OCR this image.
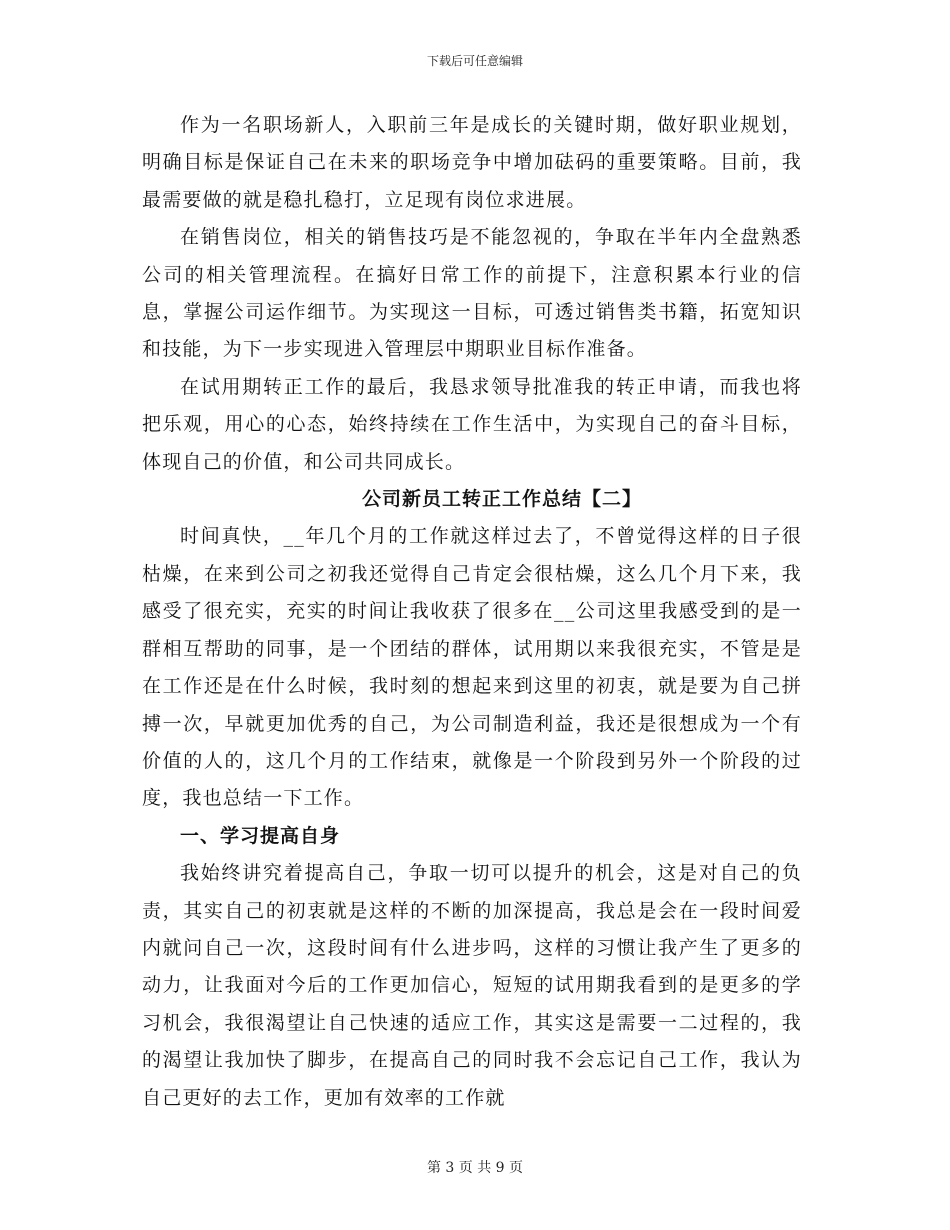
下载后可任意编辑

作为一名职场新人，入职前三年是成长的关键时期，做好职业规划，明确目标是保证自己在未来的职场竞争中增加砝码的重要策略。目前，我最需要做的就是稳扎稳打，立足现有岗位求进展。

在销售岗位，相关的销售技巧是不能忽视的，争取在半年内全盘熟悉公司的相关管理流程。在搞好日常工作的前提下，注意积累本行业的信息，掌握公司运作细节。为实现这一目标，可透过销售类书籍，拓宽知识和技能，为下一步实现进入管理层中期职业目标作准备。

在试用期转正工作的最后，我恳求领导批准我的转正申请，而我也将把乐观，用心的心态，始终持续在工作生活中，为实现自己的奋斗目标，体现自己的价值，和公司共同成长。

公司新员工转正工作总结【二】

时间真快，__年几个月的工作就这样过去了，不曾觉得这样的日子很枯燥，在来到公司之初我还觉得自己肯定会很枯燥，这么几个月下来，我感受了很充实，充实的时间让我收获了很多在__公司这里我感受到的是一群相互帮助的同事，是一个团结的群体，试用期以来我很充实，不管是是在工作还是在什么时候，我时刻的想起来到这里的初衷，就是要为自己拼搏一次，早就更加优秀的自己，为公司制造利益，我还是很想成为一个有价值的人的，这几个月的工作结束，就像是一个阶段到另外一个阶段的过度，我也总结一下工作。

一、学习提高自身

我始终讲究着提高自己，争取一切可以提升的机会，这是对自己的负责，其实自己的初衷就是这样的不断的加深提高，我总是会在一段时间爱内就问自己一次，这段时间有什么进步吗，这样的习惯让我产生了更多的动力，让我面对今后的工作更加信心，短短的试用期我看到的是更多的学习机会，我很渴望让自己快速的适应工作，其实这是需要一二过程的，我的渴望让我加快了脚步，在提高自己的同时我不会忘记自己工作，我认为自己更好的去工作，更加有效率的工作就

第 3 页 共 9 页
